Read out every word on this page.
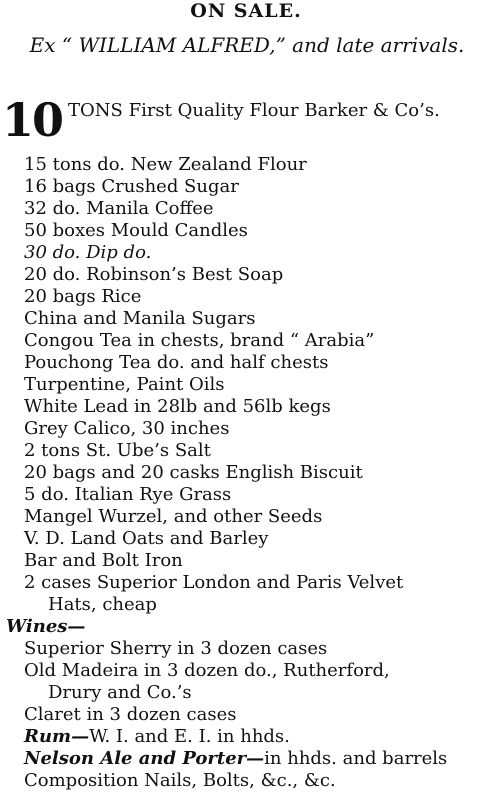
ON SALE.
Ex “ WILLIAM ALFRED,” and late arrivals.
10 TONS First Quality Flour Barker & Co’s.
15 tons do. New Zealand Flour
16 bags Crushed Sugar
32 do. Manila Coffee
50 boxes Mould Candles
30 do. Dip do.
20 do. Robinson’s Best Soap
20 bags Rice
China and Manila Sugars
Congou Tea in chests, brand “ Arabia”
Pouchong Tea do. and half chests
Turpentine, Paint Oils
White Lead in 28lb and 56lb kegs
Grey Calico, 30 inches
2 tons St. Ube’s Salt
20 bags and 20 casks English Biscuit
5 do. Italian Rye Grass
Mangel Wurzel, and other Seeds
V. D. Land Oats and Barley
Bar and Bolt Iron
2 cases Superior London and Paris Velvet
Hats, cheap
Wines—
Superior Sherry in 3 dozen cases
Old Madeira in 3 dozen do., Rutherford,
Drury and Co.’s
Claret in 3 dozen cases
Rum—W. I. and E. I. in hhds.
Nelson Ale and Porter—in hhds. and barrels
Composition Nails, Bolts, &c., &c.
